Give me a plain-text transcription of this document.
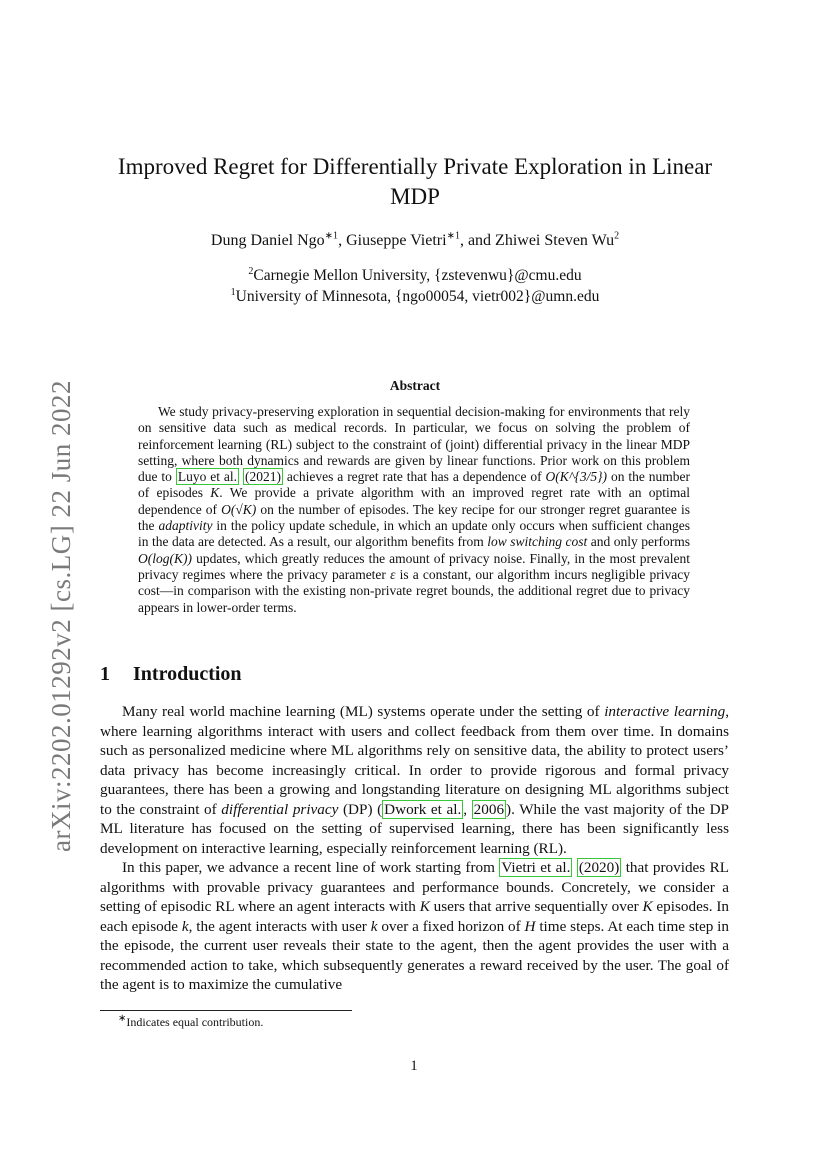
arXiv:2202.01292v2 [cs.LG] 22 Jun 2022
Improved Regret for Differentially Private Exploration in Linear MDP
Dung Daniel Ngo$^{∗1}$, Giuseppe Vietri$^{∗1}$, and Zhiwei Steven Wu$^2$
$^2$Carnegie Mellon University, {zstevenwu}@cmu.edu
$^1$University of Minnesota, {ngo00054, vietr002}@umn.edu
Abstract

We study privacy-preserving exploration in sequential decision-making for environments that rely on sensitive data such as medical records. In particular, we focus on solving the problem of reinforcement learning (RL) subject to the constraint of (joint) differential privacy in the linear MDP setting, where both dynamics and rewards are given by linear functions. Prior work on this problem due to Luyo et al. (2021) achieves a regret rate that has a dependence of O(K^{3/5}) on the number of episodes K. We provide a private algorithm with an improved regret rate with an optimal dependence of O(√K) on the number of episodes. The key recipe for our stronger regret guarantee is the adaptivity in the policy update schedule, in which an update only occurs when sufficient changes in the data are detected. As a result, our algorithm benefits from low switching cost and only performs O(log(K)) updates, which greatly reduces the amount of privacy noise. Finally, in the most prevalent privacy regimes where the privacy parameter ε is a constant, our algorithm incurs negligible privacy cost—in comparison with the existing non-private regret bounds, the additional regret due to privacy appears in lower-order terms.

1 Introduction

Many real world machine learning (ML) systems operate under the setting of interactive learning, where learning algorithms interact with users and collect feedback from them over time. In domains such as personalized medicine where ML algorithms rely on sensitive data, the ability to protect users’ data privacy has become increasingly critical. In order to provide rigorous and formal privacy guarantees, there has been a growing and longstanding literature on designing ML algorithms subject to the constraint of differential privacy (DP) ( Dwork et al. , 2006 ). While the vast majority of the DP ML literature has focused on the setting of supervised learning, there has been significantly less development on interactive learning, especially reinforcement learning (RL).

In this paper, we advance a recent line of work starting from Vietri et al. (2020) that provides RL algorithms with provable privacy guarantees and performance bounds. Concretely, we consider a setting of episodic RL where an agent interacts with K users that arrive sequentially over K episodes. In each episode k, the agent interacts with user k over a fixed horizon of H time steps. At each time step in the episode, the current user reveals their state to the agent, then the agent provides the user with a recommended action to take, which subsequently generates a reward received by the user. The goal of the agent is to maximize the cumulative

∗Indicates equal contribution.
1
